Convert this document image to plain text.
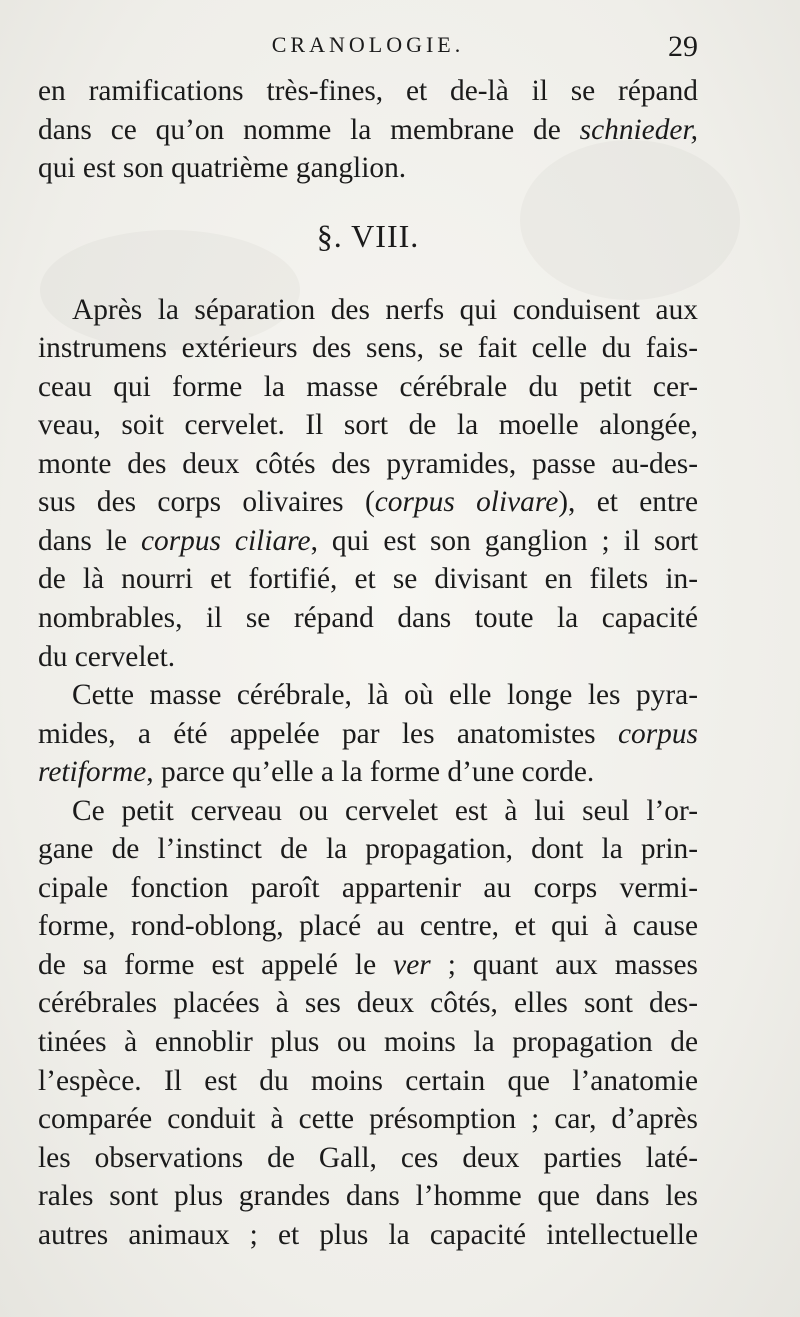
CRANOLOGIE.	29
en ramifications très-fines, et de-là il se répand
dans ce qu’on nomme la membrane de schnieder,
qui est son quatrième ganglion.
§. VIII.
Après la séparation des nerfs qui conduisent aux
instrumens extérieurs des sens, se fait celle du fais-
ceau qui forme la masse cérébrale du petit cer-
veau, soit cervelet. Il sort de la moelle alongée,
monte des deux côtés des pyramides, passe au-des-
sus des corps olivaires (corpus olivare), et entre
dans le corpus ciliare, qui est son ganglion ; il sort
de là nourri et fortifié, et se divisant en filets in-
nombrables, il se répand dans toute la capacité
du cervelet.
Cette masse cérébrale, là où elle longe les pyra-
mides, a été appelée par les anatomistes corpus
retiforme, parce qu’elle a la forme d’une corde.
Ce petit cerveau ou cervelet est à lui seul l’or-
gane de l’instinct de la propagation, dont la prin-
cipale fonction paroît appartenir au corps vermi-
forme, rond-oblong, placé au centre, et qui à cause
de sa forme est appelé le ver ; quant aux masses
cérébrales placées à ses deux côtés, elles sont des-
tinées à ennoblir plus ou moins la propagation de
l’espèce. Il est du moins certain que l’anatomie
comparée conduit à cette présomption ; car, d’après
les observations de Gall, ces deux parties laté-
rales sont plus grandes dans l’homme que dans les
autres animaux ; et plus la capacité intellectuelle
